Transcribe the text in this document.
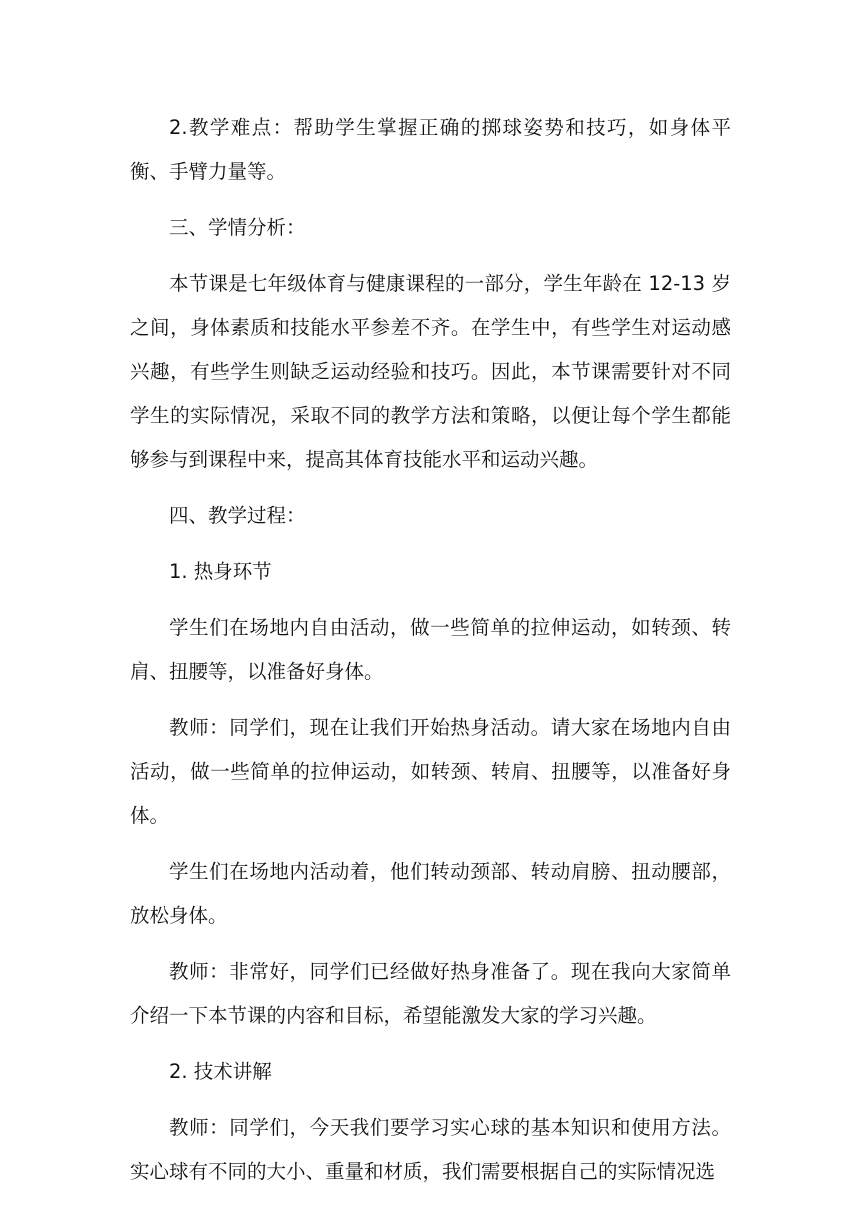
2.教学难点：帮助学生掌握正确的掷球姿势和技巧，如身体平衡、手臂力量等。

三、学情分析：

本节课是七年级体育与健康课程的一部分，学生年龄在 12-13 岁之间，身体素质和技能水平参差不齐。在学生中，有些学生对运动感兴趣，有些学生则缺乏运动经验和技巧。因此，本节课需要针对不同学生的实际情况，采取不同的教学方法和策略，以便让每个学生都能够参与到课程中来，提高其体育技能水平和运动兴趣。

四、教学过程：

1. 热身环节

学生们在场地内自由活动，做一些简单的拉伸运动，如转颈、转肩、扭腰等，以准备好身体。

教师：同学们，现在让我们开始热身活动。请大家在场地内自由活动，做一些简单的拉伸运动，如转颈、转肩、扭腰等，以准备好身体。

学生们在场地内活动着，他们转动颈部、转动肩膀、扭动腰部，放松身体。

教师：非常好，同学们已经做好热身准备了。现在我向大家简单介绍一下本节课的内容和目标，希望能激发大家的学习兴趣。

2. 技术讲解

教师：同学们，今天我们要学习实心球的基本知识和使用方法。实心球有不同的大小、重量和材质，我们需要根据自己的实际情况选
